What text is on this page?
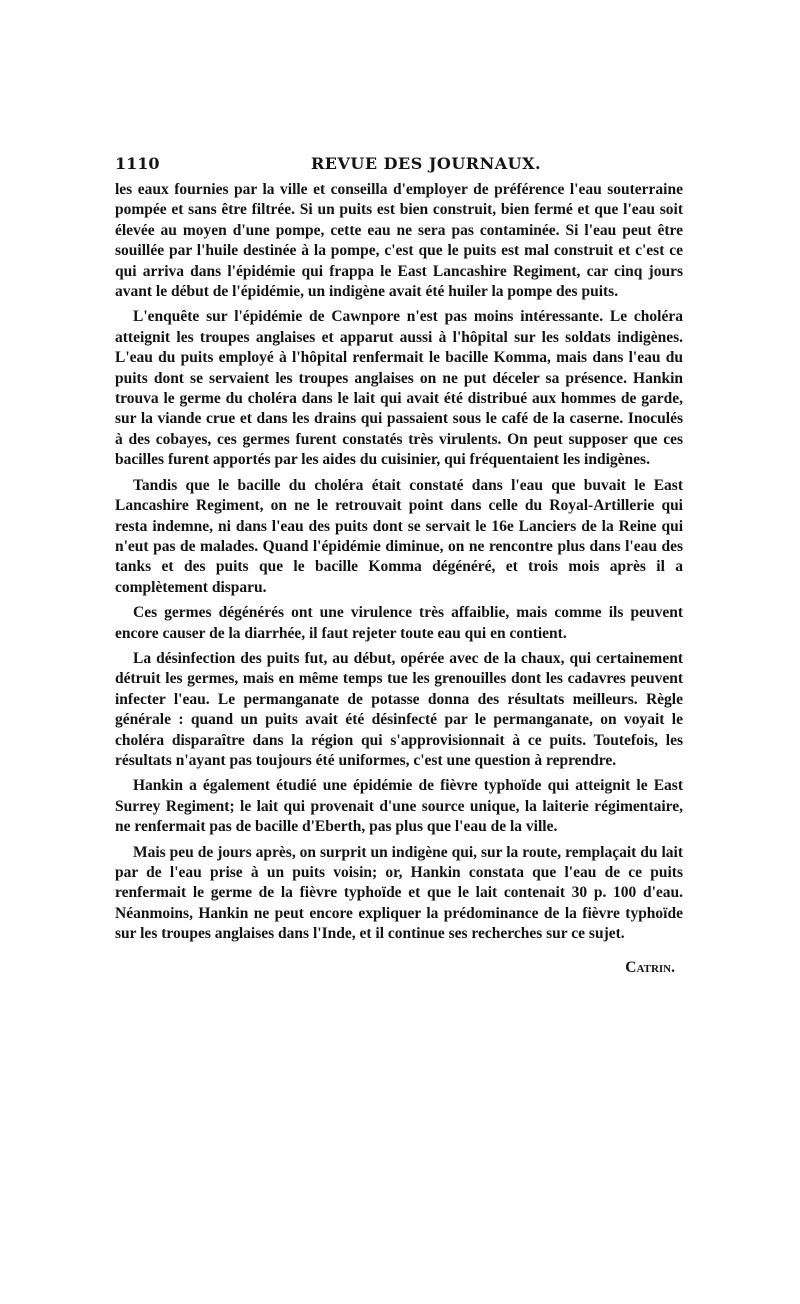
1110	REVUE DES JOURNAUX.

les eaux fournies par la ville et conseilla d'employer de préférence l'eau souterraine pompée et sans être filtrée. Si un puits est bien construit, bien fermé et que l'eau soit élevée au moyen d'une pompe, cette eau ne sera pas contaminée. Si l'eau peut être souillée par l'huile destinée à la pompe, c'est que le puits est mal construit et c'est ce qui arriva dans l'épidémie qui frappa le East Lancashire Regiment, car cinq jours avant le début de l'épidémie, un indigène avait été huiler la pompe des puits.

L'enquête sur l'épidémie de Cawnpore n'est pas moins intéressante. Le choléra atteignit les troupes anglaises et apparut aussi à l'hôpital sur les soldats indigènes. L'eau du puits employé à l'hôpital renfermait le bacille Komma, mais dans l'eau du puits dont se servaient les troupes anglaises on ne put déceler sa présence. Hankin trouva le germe du choléra dans le lait qui avait été distribué aux hommes de garde, sur la viande crue et dans les drains qui passaient sous le café de la caserne. Inoculés à des cobayes, ces germes furent constatés très virulents. On peut supposer que ces bacilles furent apportés par les aides du cuisinier, qui fréquentaient les indigènes.

Tandis que le bacille du choléra était constaté dans l'eau que buvait le East Lancashire Regiment, on ne le retrouvait point dans celle du Royal-Artillerie qui resta indemne, ni dans l'eau des puits dont se servait le 16e Lanciers de la Reine qui n'eut pas de malades. Quand l'épidémie diminue, on ne rencontre plus dans l'eau des tanks et des puits que le bacille Komma dégénéré, et trois mois après il a complètement disparu.

Ces germes dégénérés ont une virulence très affaiblie, mais comme ils peuvent encore causer de la diarrhée, il faut rejeter toute eau qui en contient.

La désinfection des puits fut, au début, opérée avec de la chaux, qui certainement détruit les germes, mais en même temps tue les grenouilles dont les cadavres peuvent infecter l'eau. Le permanganate de potasse donna des résultats meilleurs. Règle générale : quand un puits avait été désinfecté par le permanganate, on voyait le choléra disparaître dans la région qui s'approvisionnait à ce puits. Toutefois, les résultats n'ayant pas toujours été uniformes, c'est une question à reprendre.

Hankin a également étudié une épidémie de fièvre typhoïde qui atteignit le East Surrey Regiment; le lait qui provenait d'une source unique, la laiterie régimentaire, ne renfermait pas de bacille d'Eberth, pas plus que l'eau de la ville.

Mais peu de jours après, on surprit un indigène qui, sur la route, remplaçait du lait par de l'eau prise à un puits voisin; or, Hankin constata que l'eau de ce puits renfermait le germe de la fièvre typhoïde et que le lait contenait 30 p. 100 d'eau. Néanmoins, Hankin ne peut encore expliquer la prédominance de la fièvre typhoïde sur les troupes anglaises dans l'Inde, et il continue ses recherches sur ce sujet.

Catrin.
